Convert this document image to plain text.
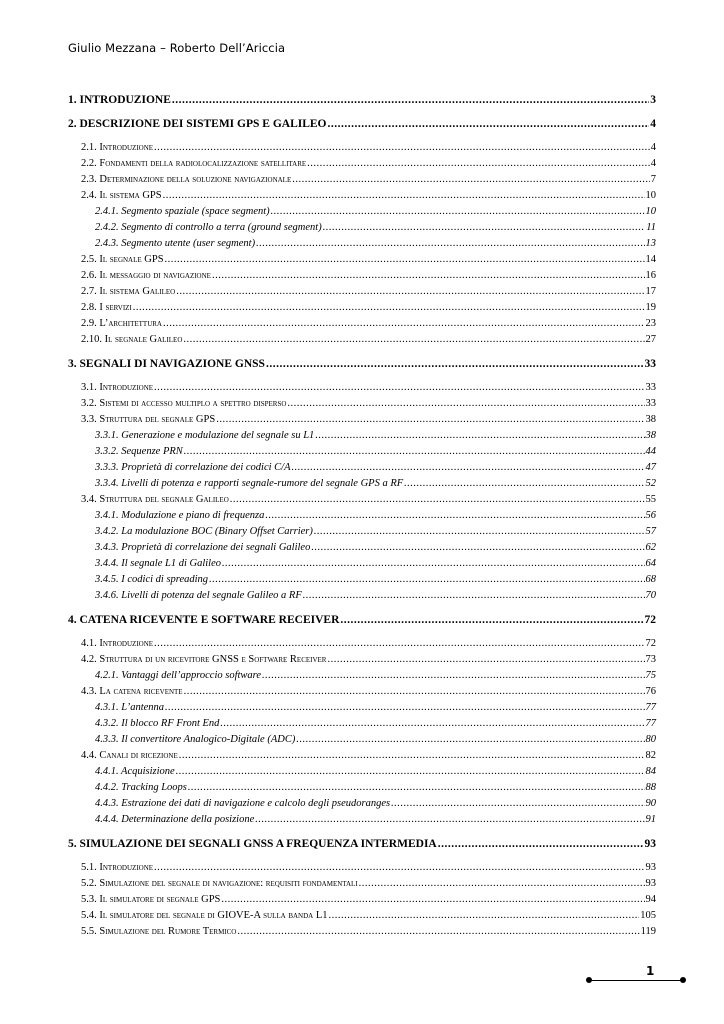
Giulio Mezzana – Roberto Dell’Ariccia
1. INTRODUZIONE .....	3
2. DESCRIZIONE DEI SISTEMI GPS E GALILEO .....	4
2.1. Introduzione .....	4
2.2. Fondamenti della radiolocalizzazione satellitare .....	4
2.3. Determinazione della soluzione navigazionale .....	7
2.4. Il sistema GPS .....	10
2.4.1. Segmento spaziale (space segment) .....	10
2.4.2. Segmento di controllo a terra (ground segment) .....	11
2.4.3. Segmento utente (user segment) .....	13
2.5. Il segnale GPS .....	14
2.6. Il messaggio di navigazione .....	16
2.7. Il sistema Galileo .....	17
2.8. I servizi .....	19
2.9. L’architettura .....	23
2.10. Il segnale Galileo .....	27
3. SEGNALI DI NAVIGAZIONE GNSS .....	33
3.1. Introduzione .....	33
3.2. Sistemi di accesso multiplo a spettro disperso .....	33
3.3. Struttura del segnale GPS .....	38
3.3.1. Generazione e modulazione del segnale su L1 .....	38
3.3.2. Sequenze PRN .....	44
3.3.3. Proprietà di correlazione dei codici C/A .....	47
3.3.4. Livelli di potenza e rapporti segnale-rumore del segnale GPS a RF .....	52
3.4. Struttura del segnale Galileo .....	55
3.4.1. Modulazione e piano di frequenza .....	56
3.4.2. La modulazione BOC (Binary Offset Carrier) .....	57
3.4.3. Proprietà di correlazione dei segnali Galileo .....	62
3.4.4. Il segnale L1 di Galileo .....	64
3.4.5. I codici di spreading .....	68
3.4.6. Livelli di potenza del segnale Galileo a RF .....	70
4. CATENA RICEVENTE E SOFTWARE RECEIVER .....	72
4.1. Introduzione .....	72
4.2. Struttura di un ricevitore GNSS e Software Receiver .....	73
4.2.1. Vantaggi dell’approccio software .....	75
4.3. La catena ricevente .....	76
4.3.1. L’antenna .....	77
4.3.2. Il blocco RF Front End .....	77
4.3.3. Il convertitore Analogico-Digitale (ADC) .....	80
4.4. Canali di ricezione .....	82
4.4.1. Acquisizione .....	84
4.4.2. Tracking Loops .....	88
4.4.3. Estrazione dei dati di navigazione e calcolo degli pseudoranges .....	90
4.4.4. Determinazione della posizione .....	91
5. SIMULAZIONE DEI SEGNALI GNSS A FREQUENZA INTERMEDIA .....	93
5.1. Introduzione .....	93
5.2. Simulazione del segnale di navigazione: requisiti fondamentali .....	93
5.3. Il simulatore di segnale GPS .....	94
5.4. Il simulatore del segnale di GIOVE-A sulla banda L1 .....	105
5.5. Simulazione del Rumore Termico .....	119
1
